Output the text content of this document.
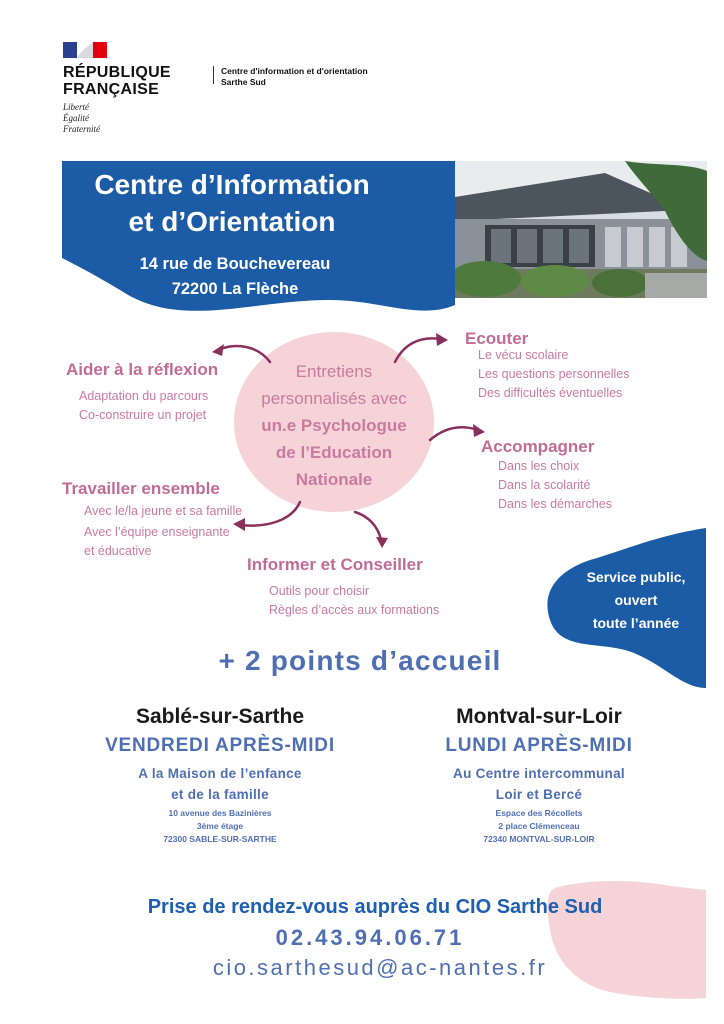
RÉPUBLIQUE
FRANÇAISE
Liberté
Égalité
Fraternité
Centre d'information et d'orientation
Sarthe Sud
Centre d’Information
et d’Orientation
14 rue de Bouchevereau
72200 La Flèche
Entretiens
personnalisés avec
un.e Psychologue
de l’Education
Nationale
Aider à la réflexion
Adaptation du parcours
Co-construire un projet
Ecouter
Le vécu scolaire
Les questions personnelles
Des difficultés éventuelles
Accompagner
Dans les choix
Dans la scolarité
Dans les démarches
Travailler ensemble
Avec le/la jeune et sa famille
Avec l’équipe enseignante
et éducative
Informer et Conseiller
Outils pour choisir
Règles d’accès aux formations
Service public,
ouvert
toute l’année
+ 2 points d’accueil
Sablé-sur-Sarthe
VENDREDI APRÈS-MIDI
A la Maison de l’enfance
et de la famille
10 avenue des Bazinières
3ème étage
72300 SABLE-SUR-SARTHE
Montval-sur-Loir
LUNDI APRÈS-MIDI
Au Centre intercommunal
Loir et Bercé
Espace des Récollets
2 place Clémenceau
72340 MONTVAL-SUR-LOIR
Prise de rendez-vous auprès du CIO Sarthe Sud
02.43.94.06.71
cio.sarthesud@ac-nantes.fr
